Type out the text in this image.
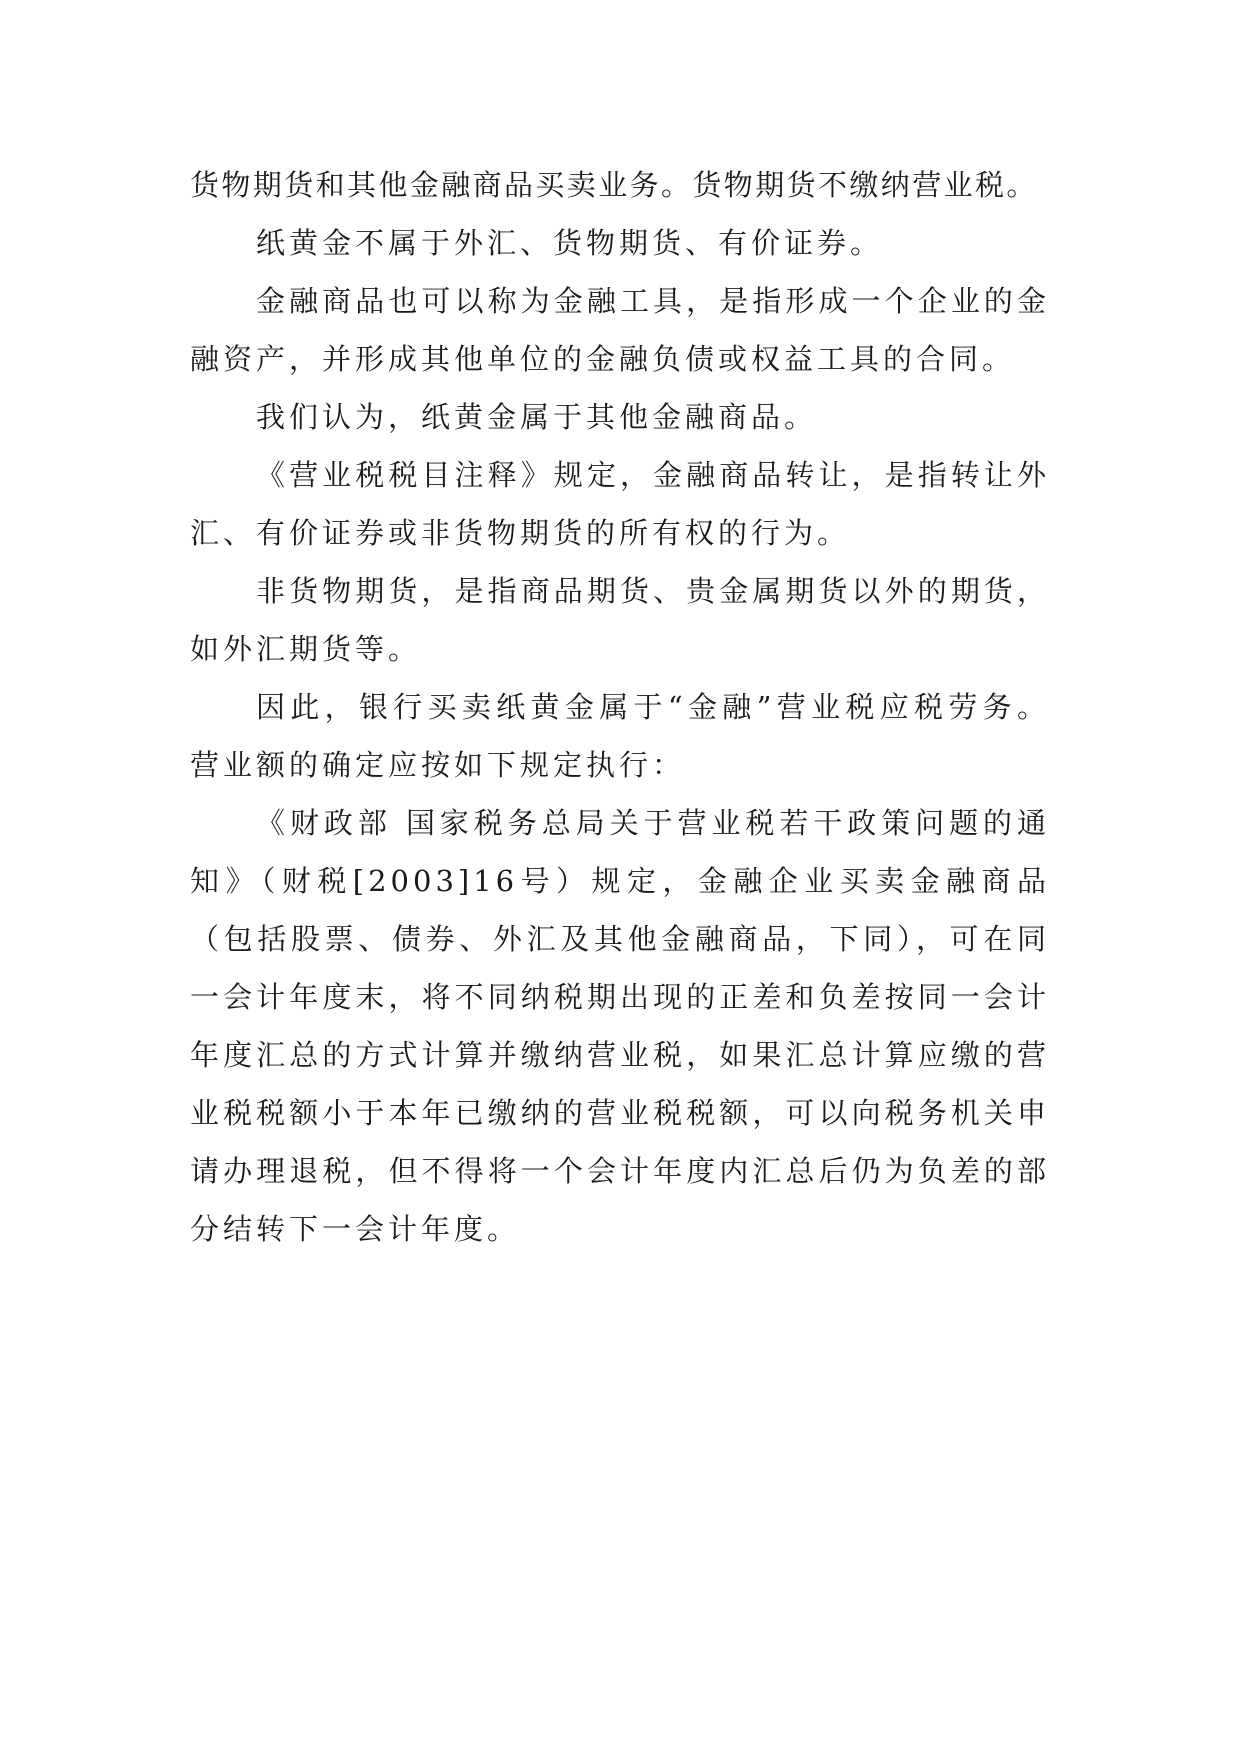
货物期货和其他金融商品买卖业务。货物期货不缴纳营业税。

纸黄金不属于外汇、货物期货、有价证券。

金融商品也可以称为金融工具，是指形成一个企业的金融资产，并形成其他单位的金融负债或权益工具的合同。

我们认为，纸黄金属于其他金融商品。

《营业税税目注释》规定，金融商品转让，是指转让外汇、有价证券或非货物期货的所有权的行为。

非货物期货，是指商品期货、贵金属期货以外的期货，如外汇期货等。

因此，银行买卖纸黄金属于“金融”营业税应税劳务。营业额的确定应按如下规定执行：

《财政部 国家税务总局关于营业税若干政策问题的通知》（财税[2003]16号）规定，金融企业买卖金融商品（包括股票、债券、外汇及其他金融商品，下同），可在同一会计年度末，将不同纳税期出现的正差和负差按同一会计年度汇总的方式计算并缴纳营业税，如果汇总计算应缴的营业税税额小于本年已缴纳的营业税税额，可以向税务机关申请办理退税，但不得将一个会计年度内汇总后仍为负差的部分结转下一会计年度。
